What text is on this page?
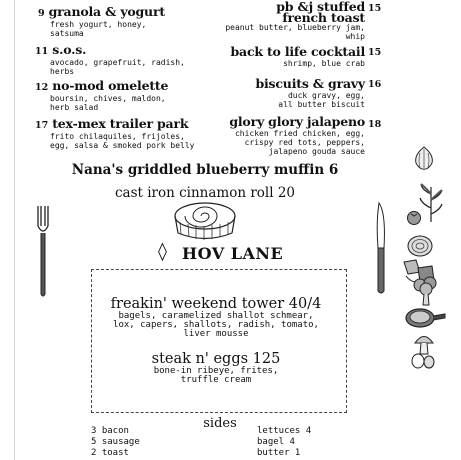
9 granola & yogurt
fresh yogurt, honey,
satsuma
11 s.o.s.
avocado, grapefruit, radish,
herbs
12 no-mod omelette
boursin, chives, maldon,
herb salad
17 tex-mex trailer park
frito chilaquiles, frijoles,
egg, salsa & smoked pork belly
pb &j stuffed
french toast
peanut butter, blueberry jam,
whip
15
back to life cocktail
shrimp, blue crab
15
biscuits & gravy
duck gravy, egg,
all butter biscuit
16
glory glory jalapeno
chicken fried chicken, egg,
crispy red tots, peppers,
jalapeno gouda sauce
18
Nana's griddled blueberry muffin 6
cast iron cinnamon roll 20
◊ HOV LANE
freakin' weekend tower 40/4
bagels, caramelized shallot schmear,
lox, capers, shallots, radish, tomato,
liver mousse
steak n' eggs 125
bone-in ribeye, frites,
truffle cream
sides
3 bacon
5 sausage
2 toast
lettuces 4
bagel 4
butter 1
